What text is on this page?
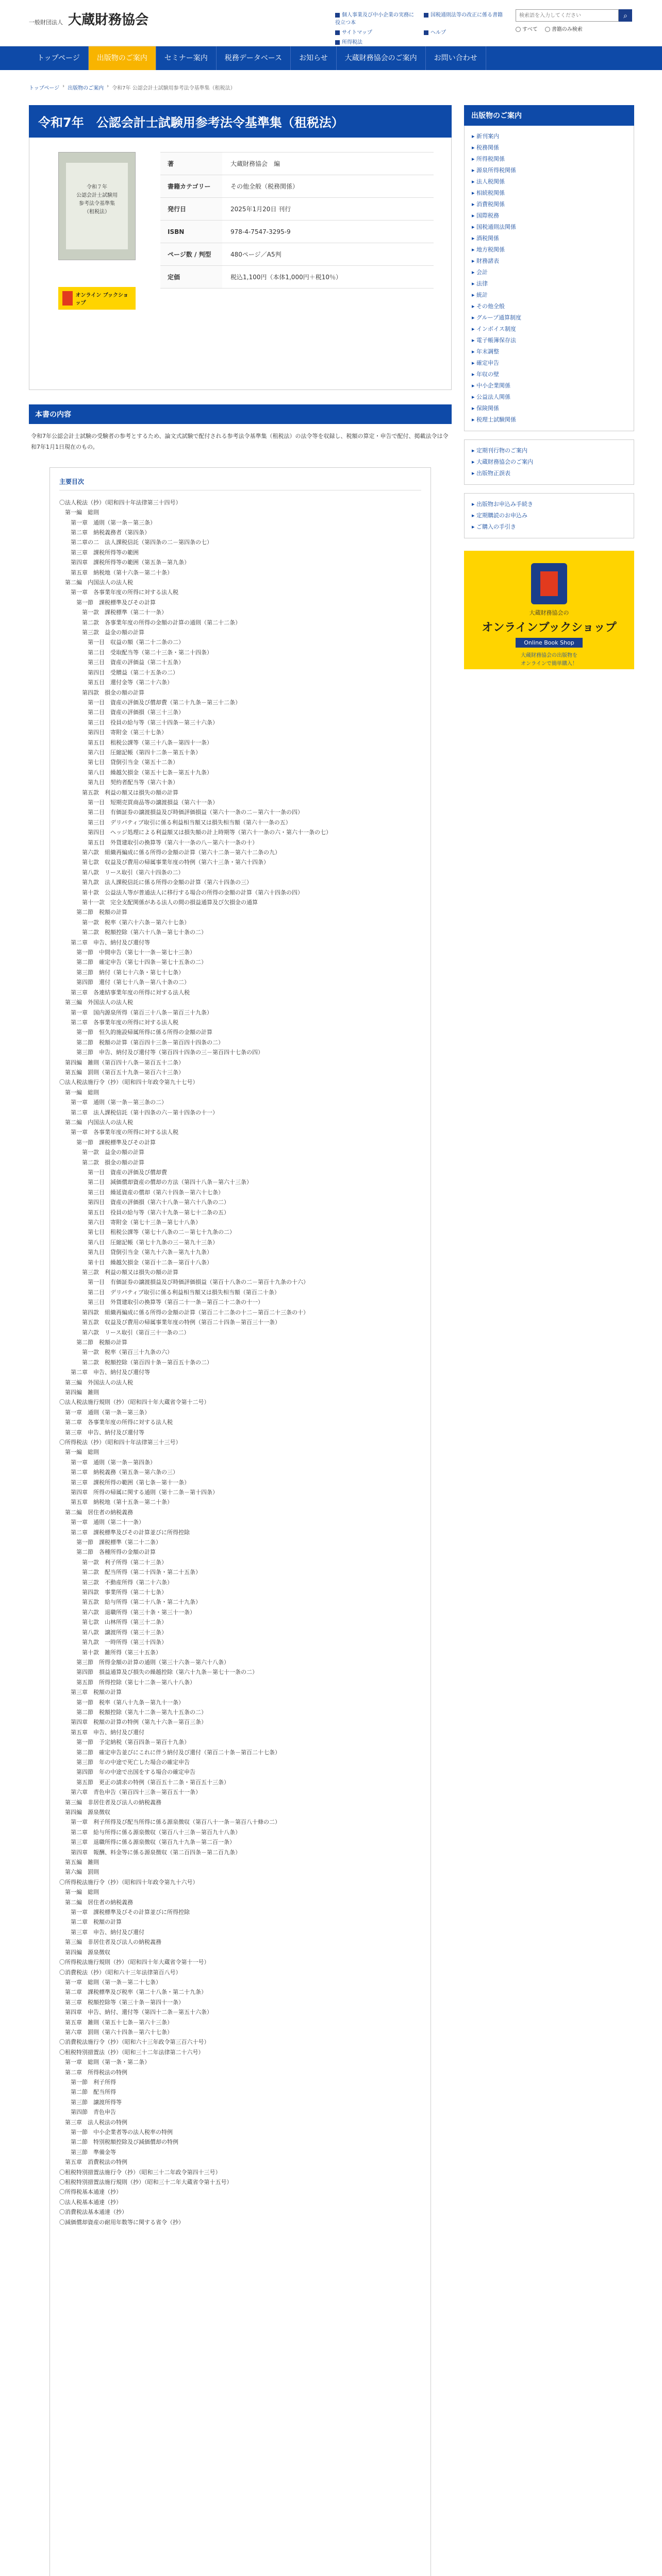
一般財団法人 大蔵財務協会	個人事業及び中小企業の実務に役立つ本
国税通則法等の改正に係る書籍
サイトマップ	ヘルプ
所得税法
検索語を入力してください
⌕
すべて	書籍のみ検索
トップページ	出版物のご案内	セミナー案内	税務データベース	お知らせ	大蔵財務協会のご案内	お問い合わせ
トップページ › 出版物のご案内 › 令和7年 公認会計士試験用参考法令基準集（租税法）
令和7年　公認会計士試験用参考法令基準集（租税法）
令和７年
公認会計士試験用
参考法令基準集
（租税法）
オンライン ブックショップ
著	大蔵財務協会　編
書籍カテゴリー	その他全般（税務関係）
発行日	2025年1月20日 刊行
ISBN	978-4-7547-3295-9
ページ数 / 判型	480ページ／A5判
定価	税込1,100円（本体1,000円＋税10％）
本書の内容

令和7年公認会計士試験の受験者の参考とするため、論文式試験で配付される参考法令基準集（租税法）の法令等を収録し、税額の算定・申告で配付、掲載法令は令和7年1月1日現在のもの。

主要目次
〇法人税法（抄）（昭和四十年法律第三十四号）
　第一編　総則
　　第一章　通則（第一条－第三条）
　　第二章　納税義務者（第四条）
　　第二章の二　法人課税信託（第四条の二－第四条の七）
　　第三章　課税所得等の範囲
　　第四章　課税所得等の範囲（第五条－第九条）
　　第五章　納税地（第十六条－第二十条）
　第二編　内国法人の法人税
　　第一章　各事業年度の所得に対する法人税
　　　第一節　課税標準及びその計算
　　　　第一款　課税標準（第二十一条）
　　　　第二款　各事業年度の所得の金額の計算の通則（第二十二条）
　　　　第三款　益金の額の計算
　　　　　第一目　収益の額（第二十二条の二）
　　　　　第二目　受取配当等（第二十三条・第二十四条）
　　　　　第三目　資産の評価益（第二十五条）
　　　　　第四目　受贈益（第二十五条の二）
　　　　　第五目　還付金等（第二十六条）
　　　　第四款　損金の額の計算
　　　　　第一目　資産の評価及び償却費（第二十九条－第三十二条）
　　　　　第二目　資産の評価損（第三十三条）
　　　　　第三目　役員の給与等（第三十四条－第三十六条）
　　　　　第四目　寄附金（第三十七条）
　　　　　第五目　租税公課等（第三十八条－第四十一条）
　　　　　第六目　圧縮記帳（第四十二条－第五十条）
　　　　　第七目　貸倒引当金（第五十二条）
　　　　　第八目　繰越欠損金（第五十七条－第五十九条）
　　　　　第九目　契約者配当等（第六十条）
　　　　第五款　利益の額又は損失の額の計算
　　　　　第一目　短期売買商品等の譲渡損益（第六十一条）
　　　　　第二目　有価証券の譲渡損益及び時価評価損益（第六十一条の二－第六十一条の四）
　　　　　第三目　デリバティブ取引に係る利益相当額又は損失相当額（第六十一条の五）
　　　　　第四目　ヘッジ処理による利益額又は損失額の計上時期等（第六十一条の六・第六十一条の七）
　　　　　第五目　外貨建取引の換算等（第六十一条の八－第六十一条の十）
　　　　第六款　組織再編成に係る所得の金額の計算（第六十二条－第六十二条の九）
　　　　第七款　収益及び費用の帰属事業年度の特例（第六十三条・第六十四条）
　　　　第八款　リース取引（第六十四条の二）
　　　　第九款　法人課税信託に係る所得の金額の計算（第六十四条の三）
　　　　第十款　公益法人等が普通法人に移行する場合の所得の金額の計算（第六十四条の四）
　　　　第十一款　完全支配関係がある法人の間の損益通算及び欠損金の通算
　　　第二節　税額の計算
　　　　第一款　税率（第六十六条－第六十七条）
　　　　第二款　税額控除（第六十八条－第七十条の二）
　　第二章　申告、納付及び還付等
　　　第一節　中間申告（第七十一条－第七十三条）
　　　第二節　確定申告（第七十四条－第七十五条の二）
　　　第三節　納付（第七十六条・第七十七条）
　　　第四節　還付（第七十八条－第八十条の二）
　　第三章　各連結事業年度の所得に対する法人税
　第三編　外国法人の法人税
　　第一章　国内源泉所得（第百三十八条－第百三十九条）
　　第二章　各事業年度の所得に対する法人税
　　　第一節　恒久的施設帰属所得に係る所得の金額の計算
　　　第二節　税額の計算（第百四十三条－第百四十四条の二）
　　　第三節　申告、納付及び還付等（第百四十四条の三－第百四十七条の四）
　第四編　雑則（第百四十八条－第百五十二条）
　第五編　罰則（第百五十九条－第百六十三条）
〇法人税法施行令（抄）（昭和四十年政令第九十七号）
　第一編　総則
　　第一章　通則（第一条－第三条の二）
　　第二章　法人課税信託（第十四条の六－第十四条の十一）
　第二編　内国法人の法人税
　　第一章　各事業年度の所得に対する法人税
　　　第一節　課税標準及びその計算
　　　　第一款　益金の額の計算
　　　　第二款　損金の額の計算
　　　　　第一目　資産の評価及び償却費
　　　　　第二目　減価償却資産の償却の方法（第四十八条－第六十三条）
　　　　　第三目　繰延資産の償却（第六十四条－第六十七条）
　　　　　第四目　資産の評価損（第六十八条－第六十八条の二）
　　　　　第五目　役員の給与等（第六十九条－第七十二条の五）
　　　　　第六目　寄附金（第七十三条－第七十八条）
　　　　　第七目　租税公課等（第七十八条の二－第七十九条の二）
　　　　　第八目　圧縮記帳（第七十九条の三－第九十三条）
　　　　　第九目　貸倒引当金（第九十六条－第九十九条）
　　　　　第十目　繰越欠損金（第百十二条－第百十八条）
　　　　第三款　利益の額又は損失の額の計算
　　　　　第一目　有価証券の譲渡損益及び時価評価損益（第百十八条の二－第百十九条の十六）
　　　　　第二目　デリバティブ取引に係る利益相当額又は損失相当額（第百二十条）
　　　　　第三目　外貨建取引の換算等（第百二十一条－第百二十二条の十一）
　　　　第四款　組織再編成に係る所得の金額の計算（第百二十二条の十二－第百二十三条の十）
　　　　第五款　収益及び費用の帰属事業年度の特例（第百二十四条－第百三十一条）
　　　　第六款　リース取引（第百三十一条の二）
　　　第二節　税額の計算
　　　　第一款　税率（第百三十九条の六）
　　　　第二款　税額控除（第百四十条－第百五十条の二）
　　第二章　申告、納付及び還付等
　第三編　外国法人の法人税
　第四編　雑則
〇法人税法施行規則（抄）（昭和四十年大蔵省令第十二号）
　第一章　通則（第一条－第三条）
　第二章　各事業年度の所得に対する法人税
　第三章　申告、納付及び還付等
〇所得税法（抄）（昭和四十年法律第三十三号）
　第一編　総則
　　第一章　通則（第一条－第四条）
　　第二章　納税義務（第五条－第六条の三）
　　第三章　課税所得の範囲（第七条－第十一条）
　　第四章　所得の帰属に関する通則（第十二条－第十四条）
　　第五章　納税地（第十五条－第二十条）
　第二編　居住者の納税義務
　　第一章　通則（第二十一条）
　　第二章　課税標準及びその計算並びに所得控除
　　　第一節　課税標準（第二十二条）
　　　第二節　各種所得の金額の計算
　　　　第一款　利子所得（第二十三条）
　　　　第二款　配当所得（第二十四条・第二十五条）
　　　　第三款　不動産所得（第二十六条）
　　　　第四款　事業所得（第二十七条）
　　　　第五款　給与所得（第二十八条・第二十九条）
　　　　第六款　退職所得（第三十条・第三十一条）
　　　　第七款　山林所得（第三十二条）
　　　　第八款　譲渡所得（第三十三条）
　　　　第九款　一時所得（第三十四条）
　　　　第十款　雑所得（第三十五条）
　　　第三節　所得金額の計算の通則（第三十六条－第六十八条）
　　　第四節　損益通算及び損失の繰越控除（第六十九条－第七十一条の二）
　　　第五節　所得控除（第七十二条－第八十八条）
　　第三章　税額の計算
　　　第一節　税率（第八十九条－第九十一条）
　　　第二節　税額控除（第九十二条－第九十五条の二）
　　第四章　税額の計算の特例（第九十六条－第百三条）
　　第五章　申告、納付及び還付
　　　第一節　予定納税（第百四条－第百十九条）
　　　第二節　確定申告並びにこれに伴う納付及び還付（第百二十条－第百二十七条）
　　　第三節　年の中途で死亡した場合の確定申告
　　　第四節　年の中途で出国をする場合の確定申告
　　　第五節　更正の請求の特例（第百五十二条・第百五十三条）
　　第六章　青色申告（第百四十三条－第百五十一条）
　第三編　非居住者及び法人の納税義務
　第四編　源泉徴収
　　第一章　利子所得及び配当所得に係る源泉徴収（第百八十一条－第百八十條の二）
　　第二章　給与所得に係る源泉徴収（第百八十三条－第百九十八条）
　　第三章　退職所得に係る源泉徴収（第百九十九条－第二百一条）
　　第四章　報酬、料金等に係る源泉徴収（第二百四条－第二百九条）
　第五編　雑則
　第六編　罰則
〇所得税法施行令（抄）（昭和四十年政令第九十六号）
　第一編　総則
　第二編　居住者の納税義務
　　第一章　課税標準及びその計算並びに所得控除
　　第二章　税額の計算
　　第三章　申告、納付及び還付
　第三編　非居住者及び法人の納税義務
　第四編　源泉徴収
〇所得税法施行規則（抄）（昭和四十年大蔵省令第十一号）
〇消費税法（抄）（昭和六十三年法律第百八号）
　第一章　総則（第一条－第二十七条）
　第二章　課税標準及び税率（第二十八条・第二十九条）
　第三章　税額控除等（第三十条－第四十一条）
　第四章　申告、納付、還付等（第四十二条－第五十六条）
　第五章　雑則（第五十七条－第六十三条）
　第六章　罰則（第六十四条－第六十七条）
〇消費税法施行令（抄）（昭和六十三年政令第三百六十号）
〇租税特別措置法（抄）（昭和三十二年法律第二十六号）
　第一章　総則（第一条・第二条）
　第二章　所得税法の特例
　　第一節　利子所得
　　第二節　配当所得
　　第三節　譲渡所得等
　　第四節　青色申告
　第三章　法人税法の特例
　　第一節　中小企業者等の法人税率の特例
　　第二節　特別税額控除及び減価償却の特例
　　第三節　準備金等
　第五章　消費税法の特例
〇租税特別措置法施行令（抄）（昭和三十二年政令第四十三号）
〇租税特別措置法施行規則（抄）（昭和三十二年大蔵省令第十五号）
〇所得税基本通達（抄）
〇法人税基本通達（抄）
〇消費税法基本通達（抄）
〇減価償却資産の耐用年数等に関する省令（抄）
出版物のご案内
▸ 新刊案内
▸ 税務関係
▸ 所得税関係
▸ 源泉所得税関係
▸ 法人税関係
▸ 相続税関係
▸ 消費税関係
▸ 国際税務
▸ 国税通則法関係
▸ 酒税関係
▸ 地方税関係
▸ 財務諸表
▸ 会計
▸ 法律
▸ 統計
▸ その他全般
▸ グループ通算制度
▸ インボイス制度
▸ 電子帳簿保存法
▸ 年末調整
▸ 確定申告
▸ 年収の壁
▸ 中小企業関係
▸ 公益法人関係
▸ 保険関係
▸ 税理士試験関係
▸ 定期刊行物のご案内
▸ 大蔵財務協会のご案内
▸ 出版物正誤表
▸ 出版物お申込み手続き
▸ 定期購読のお申込み
▸ ご購入の手引き
大蔵財務協会の
オンラインブックショップ
Online Book Shop
大蔵財務協会の出版物を
オンラインで簡単購入！
